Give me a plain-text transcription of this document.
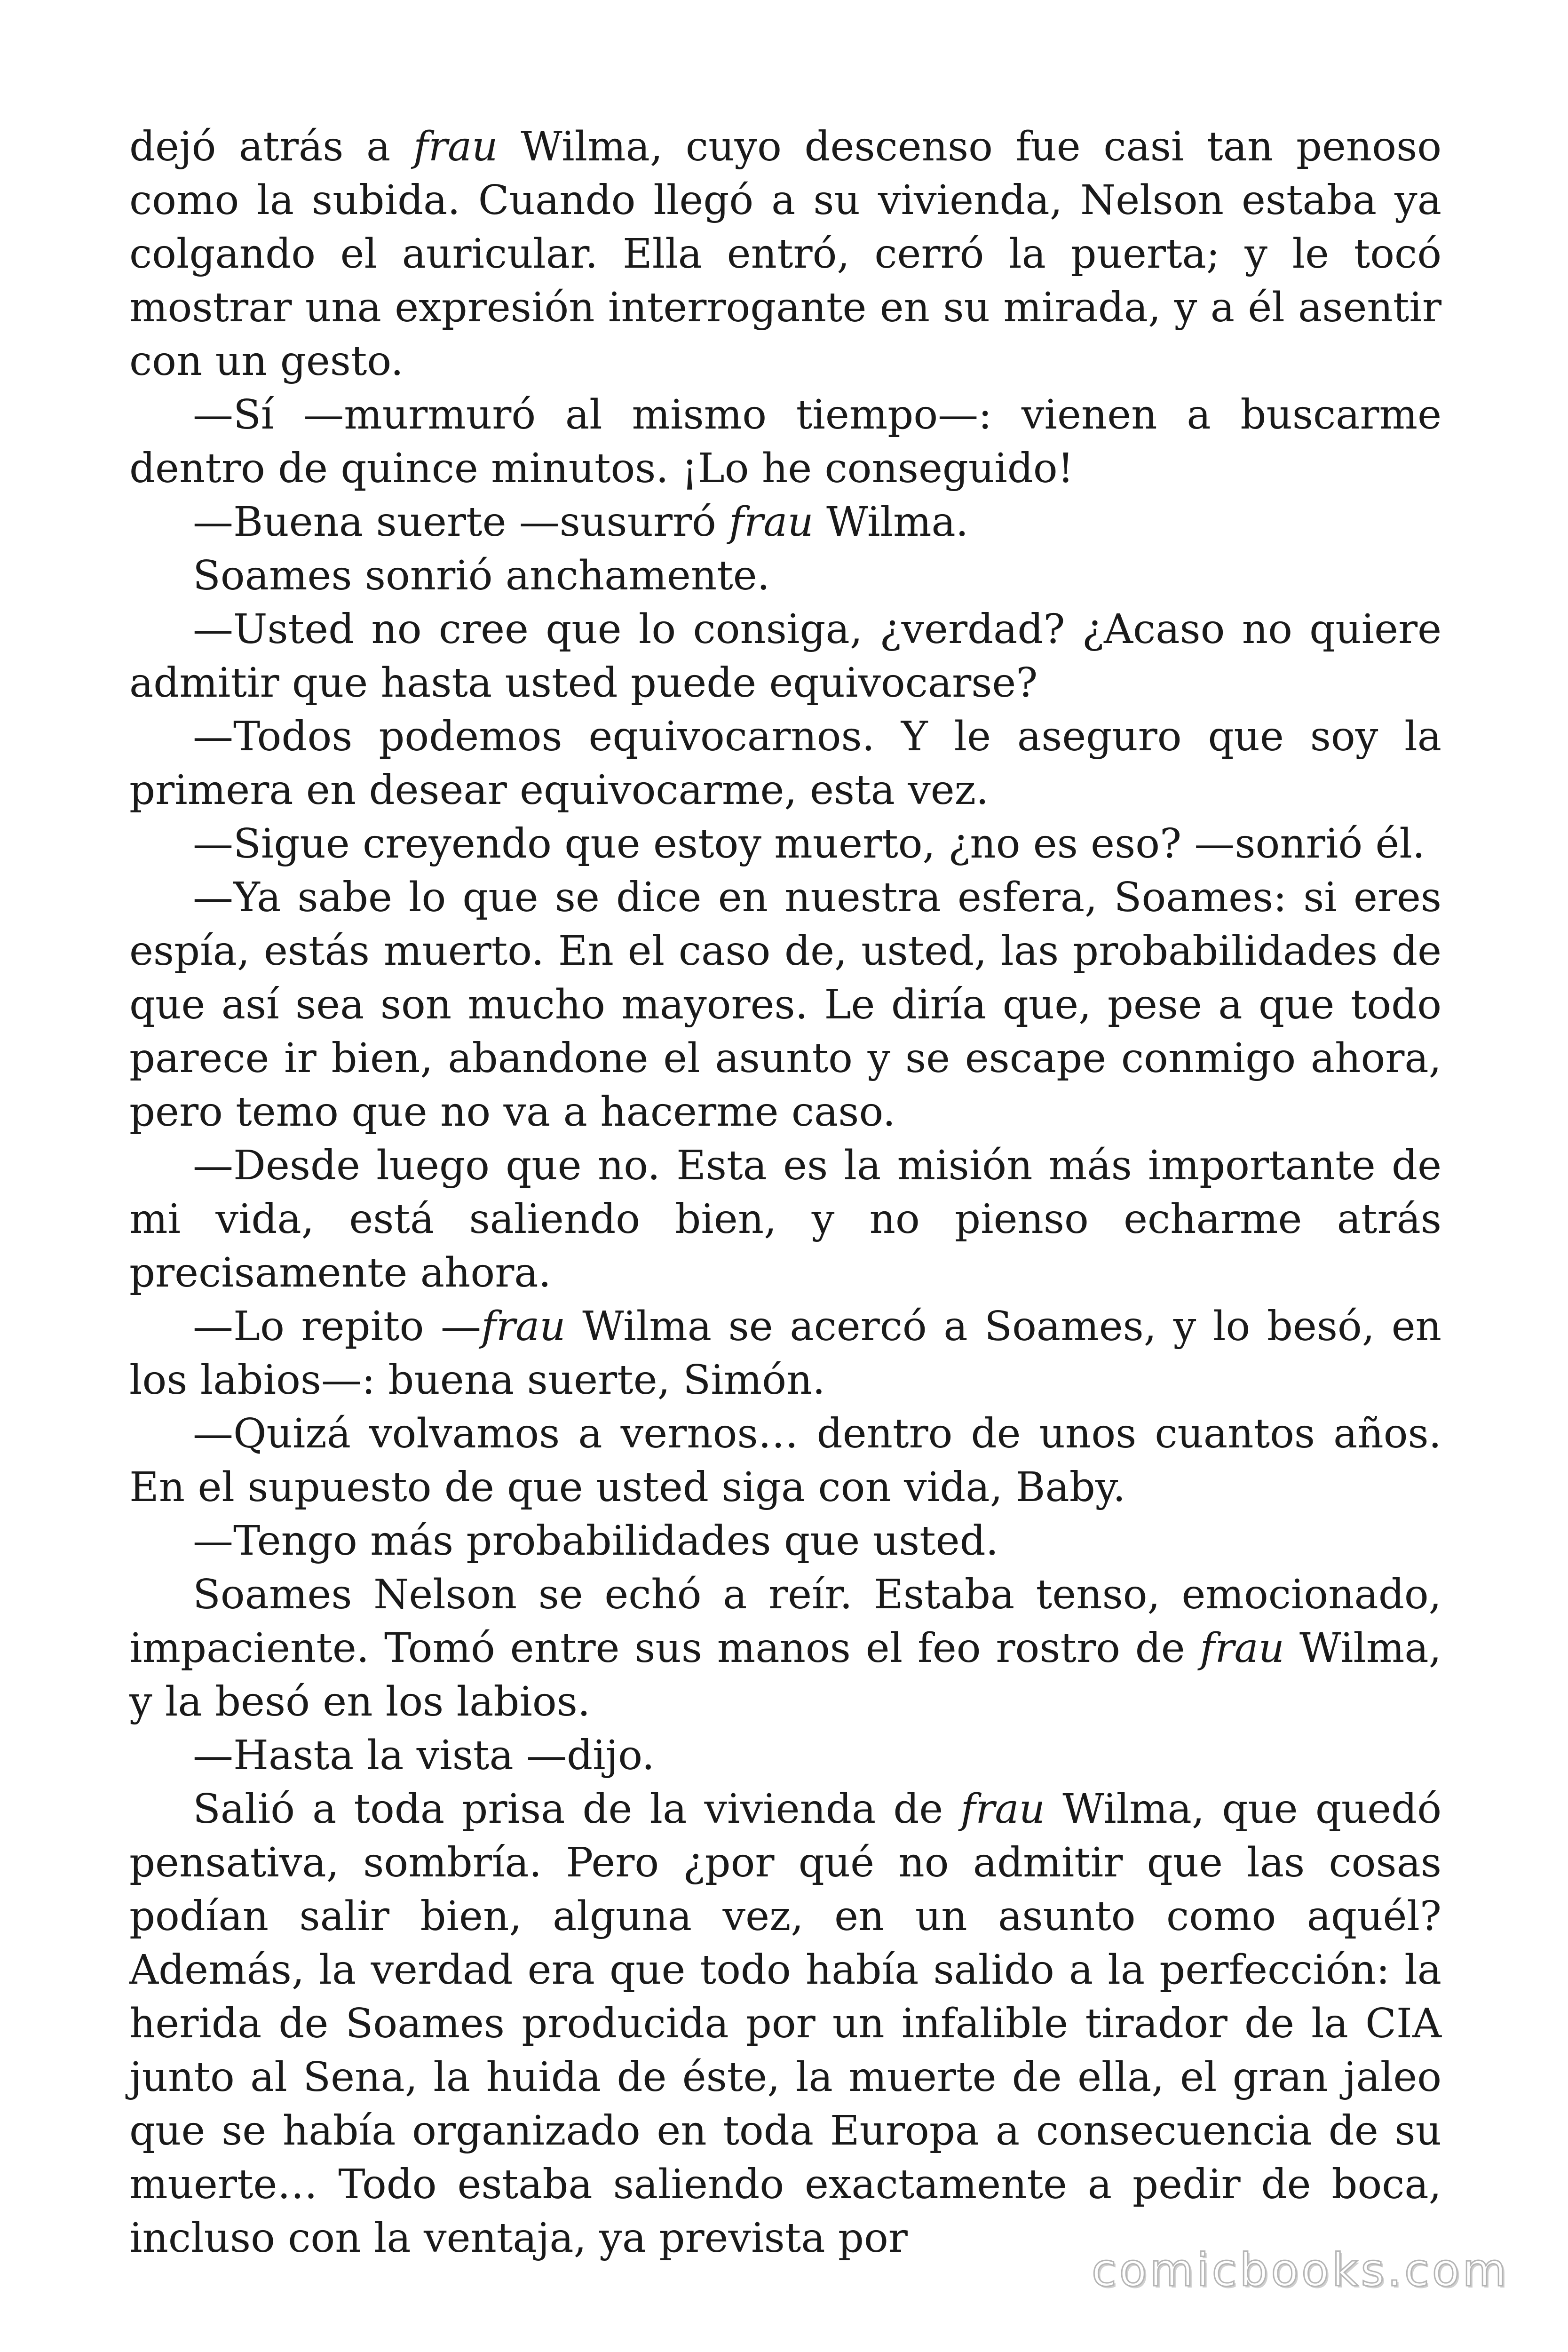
dejó atrás a frau Wilma, cuyo descenso fue casi tan penoso como la subida. Cuando llegó a su vivienda, Nelson estaba ya colgando el auricular. Ella entró, cerró la puerta; y le tocó mostrar una expresión interrogante en su mirada, y a él asentir con un gesto.

—Sí —murmuró al mismo tiempo—: vienen a buscarme dentro de quince minutos. ¡Lo he conseguido!

—Buena suerte —susurró frau Wilma.

Soames sonrió anchamente.

—Usted no cree que lo consiga, ¿verdad? ¿Acaso no quiere admitir que hasta usted puede equivocarse?

—Todos podemos equivocarnos. Y le aseguro que soy la primera en desear equivocarme, esta vez.

—Sigue creyendo que estoy muerto, ¿no es eso? —sonrió él.

—Ya sabe lo que se dice en nuestra esfera, Soames: si eres espía, estás muerto. En el caso de, usted, las probabilidades de que así sea son mucho mayores. Le diría que, pese a que todo parece ir bien, abandone el asunto y se escape conmigo ahora, pero temo que no va a hacerme caso.

—Desde luego que no. Esta es la misión más importante de mi vida, está saliendo bien, y no pienso echarme atrás precisamente ahora.

—Lo repito —frau Wilma se acercó a Soames, y lo besó, en los labios—: buena suerte, Simón.

—Quizá volvamos a vernos… dentro de unos cuantos años. En el supuesto de que usted siga con vida, Baby.

—Tengo más probabilidades que usted.

Soames Nelson se echó a reír. Estaba tenso, emocionado, impaciente. Tomó entre sus manos el feo rostro de frau Wilma, y la besó en los labios.

—Hasta la vista —dijo.

Salió a toda prisa de la vivienda de frau Wilma, que quedó pensativa, sombría. Pero ¿por qué no admitir que las cosas podían salir bien, alguna vez, en un asunto como aquél? Además, la verdad era que todo había salido a la perfección: la herida de Soames producida por un infalible tirador de la CIA junto al Sena, la huida de éste, la muerte de ella, el gran jaleo que se había organizado en toda Europa a consecuencia de su muerte… Todo estaba saliendo exactamente a pedir de boca, incluso con la ventaja, ya prevista por

comicbooks.com
